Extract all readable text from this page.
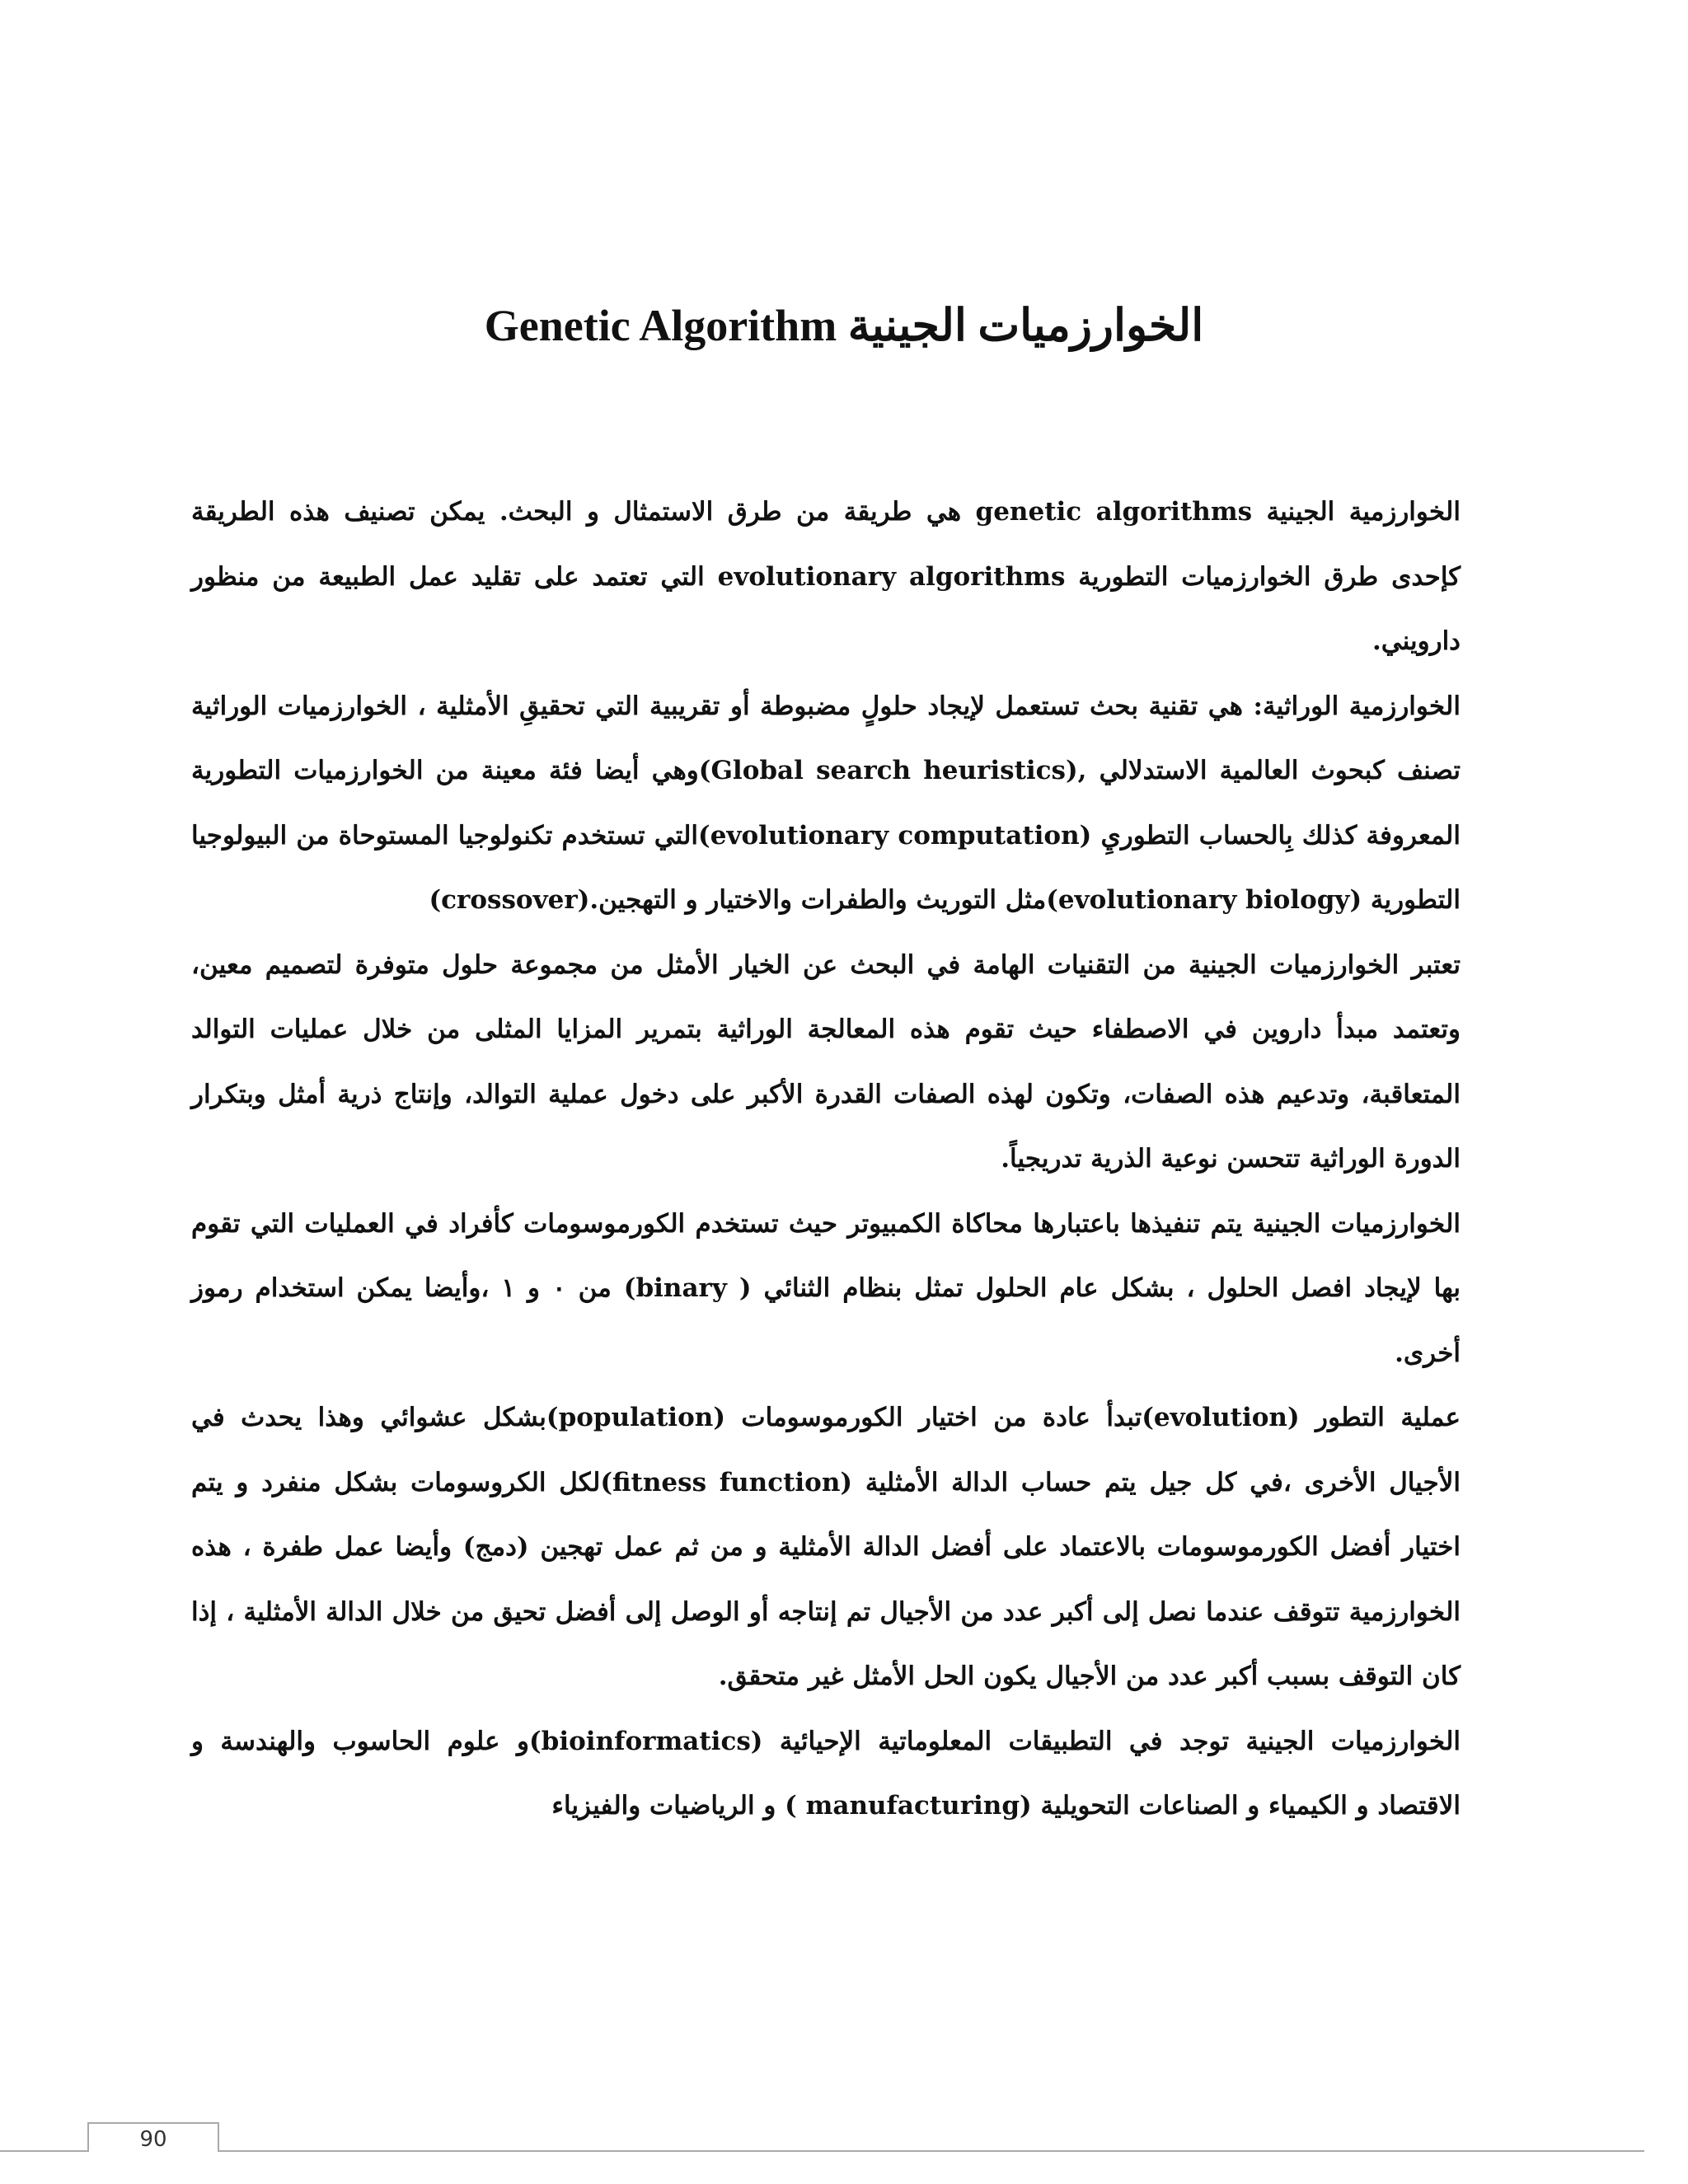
الخوارزميات الجينية Genetic Algorithm

الخوارزمية الجينية genetic algorithms هي طريقة من طرق الاستمثال و البحث. يمكن تصنيف هذه الطريقة كإحدى طرق الخوارزميات التطورية evolutionary algorithms التي تعتمد على تقليد عمل الطبيعة من منظور دارويني.

الخوارزمية الوراثية: هي تقنية بحث تستعمل لإيجاد حلولٍ مضبوطة أو تقريبية التي تحقيقِ الأمثلية ، الخوارزميات الوراثية تصنف كبحوث العالمية الاستدلالي ,(Global search heuristics)وهي أيضا فئة معينة من الخوارزميات التطورية المعروفة كذلك بِالحساب التطوريِ (evolutionary computation)التي تستخدم تكنولوجيا المستوحاة من البيولوجيا التطورية (evolutionary biology)مثل التوريث والطفرات والاختيار و التهجين.(crossover)

تعتبر الخوارزميات الجينية من التقنيات الهامة في البحث عن الخيار الأمثل من مجموعة حلول متوفرة لتصميم معين، وتعتمد مبدأ داروين في الاصطفاء حيث تقوم هذه المعالجة الوراثية بتمرير المزايا المثلى من خلال عمليات التوالد المتعاقبة، وتدعيم هذه الصفات، وتكون لهذه الصفات القدرة الأكبر على دخول عملية التوالد، وإنتاج ذرية أمثل وبتكرار الدورة الوراثية تتحسن نوعية الذرية تدريجياً.

الخوارزميات الجينية يتم تنفيذها باعتبارها محاكاة الكمبيوتر حيث تستخدم الكورموسومات كأفراد في العمليات التي تقوم بها لإيجاد افصل الحلول ، بشكل عام الحلول تمثل بنظام الثنائي ( binary) من ٠ و ١ ،وأيضا يمكن استخدام رموز أخرى.

عملية التطور (evolution)تبدأ عادة من اختيار الكورموسومات (population)بشكل عشوائي وهذا يحدث في الأجيال الأخرى ،في كل جيل يتم حساب الدالة الأمثلية (fitness function)لكل الكروسومات بشكل منفرد و يتم اختيار أفضل الكورموسومات بالاعتماد على أفضل الدالة الأمثلية و من ثم عمل تهجين (دمج) وأيضا عمل طفرة ، هذه الخوارزمية تتوقف عندما نصل إلى أكبر عدد من الأجيال تم إنتاجه أو الوصل إلى أفضل تحيق من خلال الدالة الأمثلية ، إذا كان التوقف بسبب أكبر عدد من الأجيال يكون الحل الأمثل غير متحقق.

الخوارزميات الجينية توجد في التطبيقات المعلوماتية الإحيائية (bioinformatics)و علوم الحاسوب والهندسة و الاقتصاد و الكيمياء و الصناعات التحويلية (manufacturing ) و الرياضيات والفيزياء

90
